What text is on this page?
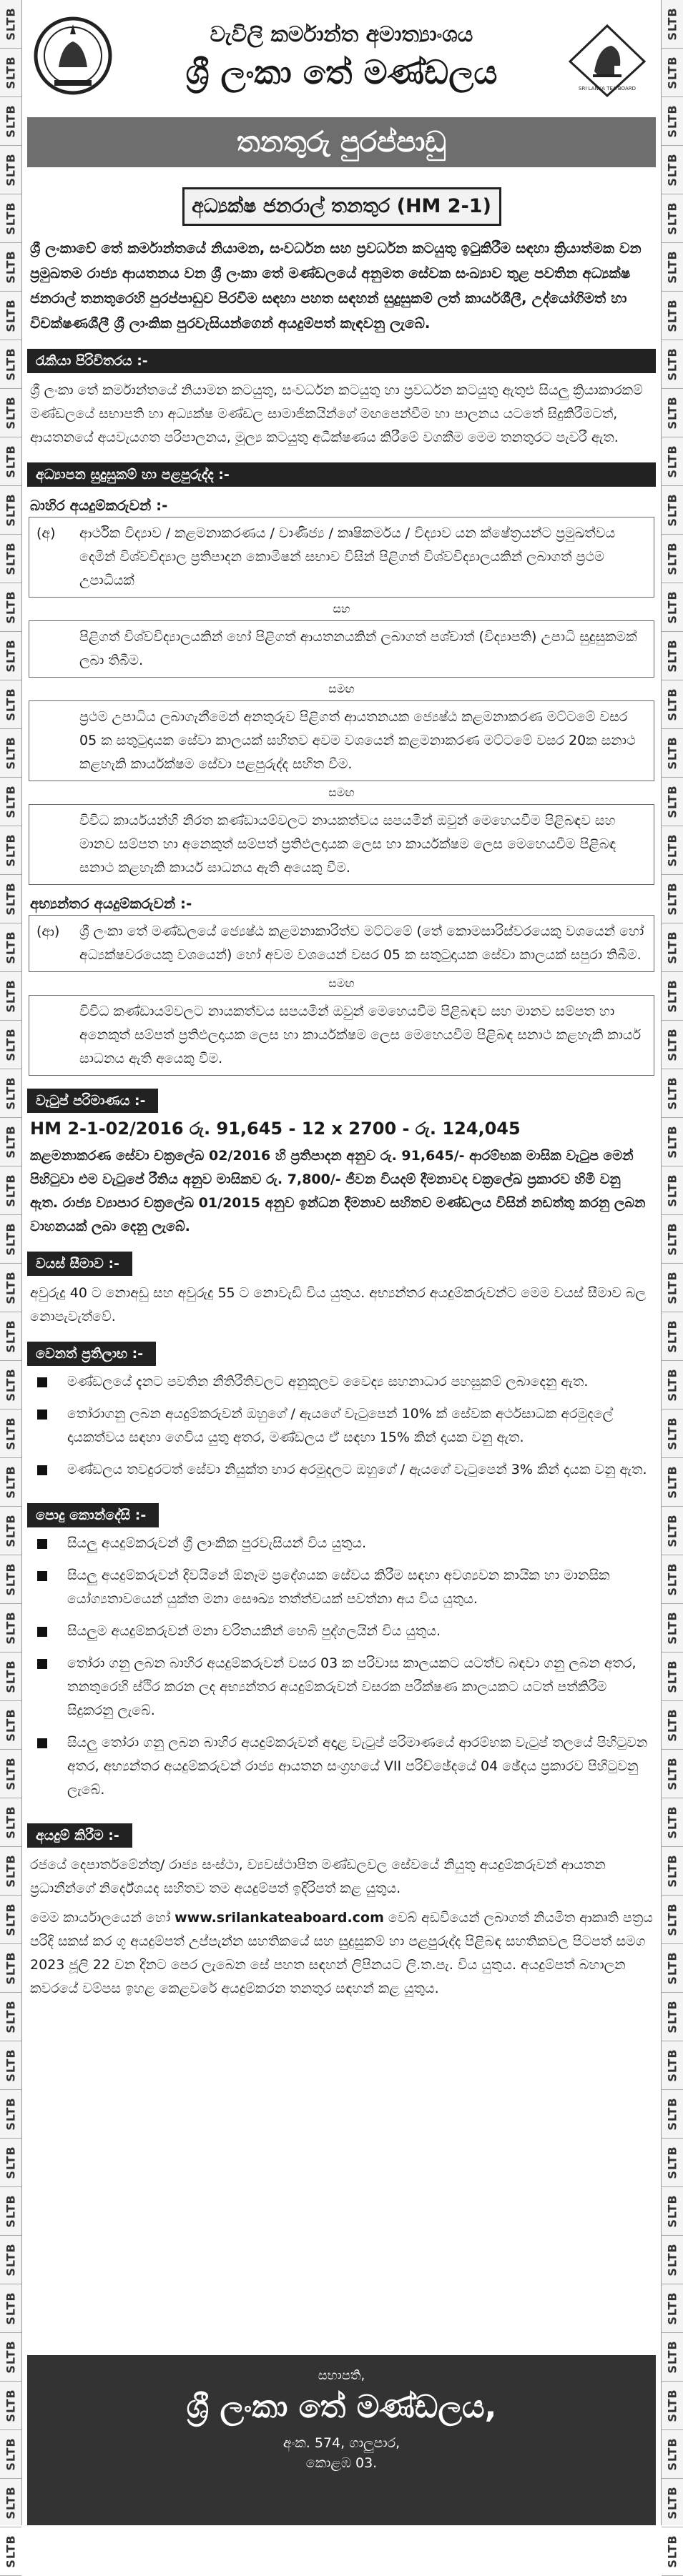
SLTB
SLTB
SLTB
SLTB
SLTB
SLTB
SLTB
SLTB
SLTB
SLTB
SLTB
SLTB
SLTB
SLTB
SLTB
SLTB
SLTB
SLTB
SLTB
SLTB
SLTB
SLTB
SLTB
SLTB
SLTB
SLTB
SLTB
SLTB
SLTB
SLTB
SLTB
SLTB
SLTB
SLTB
SLTB
SLTB
SLTB
SLTB
SLTB
SLTB
SLTB
SLTB
SLTB
SLTB
SLTB
SLTB
SLTB
SLTB
SLTB
SLTB
SLTB
SLTB
SLTB
SLTB
SLTB
SLTB
SLTB
SLTB
SLTB
SLTB
SLTB
SLTB
SLTB
SLTB
SLTB
SLTB
SLTB
SLTB
SLTB
SLTB
SLTB
SLTB
SLTB
SLTB
SLTB
SLTB
SLTB
SLTB
SLTB
SLTB
SLTB
SLTB
SLTB
SLTB
SLTB
SLTB
SLTB
SLTB
SLTB
SLTB
SLTB
SLTB
SLTB
SLTB
SLTB
SLTB
SLTB
SLTB
SLTB
SLTB
SLTB
SLTB
SLTB
SLTB
SLTB
SLTB
වැවිලි කර්මාන්ත අමාත්‍යාංශය
ශ්‍රී ලංකා තේ මණ්ඩලය	SRI LANKA TEA BOARD
තනතුරු පුරප්පාඩු
අධ්‍යක්ෂ ජනරාල් තනතුර (HM 2-1)
ශ්‍රී ලංකාවේ තේ කර්මාන්තයේ නියාමන, සංවර්ධන සහ ප්‍රවර්ධන කටයුතු ඉටුකිරීම සඳහා ක්‍රියාත්මක වන ප්‍රමුඛතම රාජ්‍ය ආයතනය වන ශ්‍රී ලංකා තේ මණ්ඩලයේ අනුමත සේවක සංඛ්‍යාව තුළ පවතින අධ්‍යක්ෂ ජනරාල් තනතුරෙහි පුරප්පාඩුව පිරවීම සඳහා පහත සඳහන් සුදුසුකම් ලත් කාර්යශීලී, උද්යෝගිමත් හා විචක්ෂණශීලී ශ්‍රී ලාංකික පුරවැසියන්ගෙන් අයදුම්පත් කැඳවනු ලැබේ.
රැකියා පිරිවිතරය :-

ශ්‍රී ලංකා තේ කර්මාන්තයේ නියාමන කටයුතු, සංවර්ධන කටයුතු හා ප්‍රවර්ධන කටයුතු ඇතුළු සියලු ක්‍රියාකාරකම් මණ්ඩලයේ සභාපති හා අධ්‍යක්ෂ මණ්ඩල සාමාජිකයින්ගේ මඟපෙන්වීම හා පාලනය යටතේ සිදුකිරීමටත්, ආයතනයේ අයවැයගත පරිපාලනය, මූල්‍ය කටයුතු අධීක්ෂණය කිරීමේ වගකීම මෙම තනතුරට පැවරී ඇත.

අධ්‍යාපන සුදුසුකම් හා පළපුරුද්ද :-
බාහිර අයදුම්කරුවන් :-
(අ)	ආර්ථික විද්‍යාව / කළමනාකරණය / වාණිජ්‍ය / කෘෂිකර්මය / විද්‍යාව යන ක්ෂේත්‍රයන්ට ප්‍රමුඛත්වය දෙමින් විශ්වවිද්‍යාල ප්‍රතිපාදන කොමිෂන් සභාව විසින් පිළිගත් විශ්වවිද්‍යාලයකින් ලබාගත් ප්‍රථම උපාධියක්
සහ
පිළිගත් විශ්වවිද්‍යාලයකින් හෝ පිළිගත් ආයතනයකින් ලබාගත් පශ්චාත් (විද්‍යාපති) උපාධි සුදුසුකමක් ලබා තිබීම.
සමඟ
ප්‍රථම උපාධිය ලබාගැනීමෙන් අනතුරුව පිළිගත් ආයතනයක ජ්‍යෙෂ්ඨ කළමනාකරණ මට්ටමේ වසර 05 ක සතුටුදායක සේවා කාලයක් සහිතව අවම වශයෙන් කළමනාකරණ මට්ටමේ වසර 20ක සනාථ කළහැකි කාර්යක්ෂම සේවා පළපුරුද්ද සහිත වීම.
සමඟ
විවිධ කාර්යයන්හි නිරත කණ්ඩායම්වලට නායකත්වය සපයමින් ඔවුන් මෙහෙයවීම පිළිබඳව සහ මානව සම්පත හා අනෙකුත් සම්පත් ප්‍රතිඵලදායක ලෙස හා කාර්යක්ෂම ලෙස මෙහෙයවීම පිළිබඳ සනාථ කළහැකි කාර්ය සාධනය ඇති අයෙකු වීම.
අභ්‍යන්තර අයදුම්කරුවන් :-
(ආ)	ශ්‍රී ලංකා තේ මණ්ඩලයේ ජ්‍යෙෂ්ඨ කළමනාකාරිත්ව මට්ටමේ (තේ කොමසාරිස්වරයෙකු වශයෙන් හෝ අධ්‍යක්ෂවරයෙකු වශයෙන්) හෝ අවම වශයෙන් වසර 05 ක සතුටුදායක සේවා කාලයක් සපුරා තිබීම.
සමඟ
විවිධ කණ්ඩායම්වලට නායකත්වය සපයමින් ඔවුන් මෙහෙයවීම පිළිබඳව සහ මානව සම්පත හා අනෙකුත් සම්පත් ප්‍රතිඵලදායක ලෙස හා කාර්යක්ෂම ලෙස මෙහෙයවීම පිළිබඳ සනාථ කළහැකි කාර්ය සාධනය ඇති අයෙකු වීම.
වැටුප් පරිමාණය :-
HM 2-1-02/2016 රු. 91,645 - 12 x 2700 - රු. 124,045

කළමනාකරණ සේවා චක්‍රලේඛ 02/2016 හි ප්‍රතිපාදන අනුව රු. 91,645/- ආරම්භක මාසික වැටුප මෙන් පිහිටුවා එම වැටුපේ රීතිය අනුව මාසිකව රු. 7,800/- ජීවන වියදම් දීමනාවද චක්‍රලේඛ ප්‍රකාරව හිමි වනු ඇත. රාජ්‍ය ව්‍යාපාර චක්‍රලේඛ 01/2015 අනුව ඉන්ධන දීමනාව සහිතව මණ්ඩලය විසින් නඩත්තු කරනු ලබන වාහනයක් ලබා දෙනු ලැබේ.

වයස් සීමාව :-

අවුරුදු 40 ට නොඅඩු සහ අවුරුදු 55 ට නොවැඩි විය යුතුය. අභ්‍යන්තර අයදුම්කරුවන්ට මෙම වයස් සීමාව බල නොපැවැත්වේ.

වෙනත් ප්‍රතිලාභ :-
මණ්ඩලයේ දැනට පවතින නීතිරීතිවලට අනුකූලව වෛද්‍ය සහනාධාර පහසුකම් ලබාදෙනු ඇත.
තෝරාගනු ලබන අයදුම්කරුවන් ඔහුගේ / ඇයගේ වැටුපෙන් 10% ක් සේවක අර්ථසාධක අරමුදලේ දායකත්වය සඳහා ගෙවිය යුතු අතර, මණ්ඩලය ඒ සඳහා 15% කින් දායක වනු ඇත.
මණ්ඩලය තවදුරටත් සේවා නියුක්ත භාර අරමුදලට ඔහුගේ / ඇයගේ වැටුපෙන් 3% කින් දායක වනු ඇත.
පොදු කොන්දේසි :-
සියලු අයදුම්කරුවන් ශ්‍රී ලාංකික පුරවැසියන් විය යුතුය.
සියලු අයදුම්කරුවන් දිවයිනේ ඕනෑම ප්‍රදේශයක සේවය කිරීම සඳහා අවශ්‍යවන කායික හා මානසික යෝග්‍යතාවයෙන් යුක්ත මනා සෞඛ්‍ය තත්ත්වයක් පවත්නා අය විය යුතුය.
සියලුම අයදුම්කරුවන් මනා චරිතයකින් හෙබි පුද්ගලයින් විය යුතුය.
තෝරා ගනු ලබන බාහිර අයදුම්කරුවන් වසර 03 ක පරිවාස කාලයකට යටත්ව බඳවා ගනු ලබන අතර, තනතුරෙහි ස්ථිර කරන ලද අභ්‍යන්තර අයදුම්කරුවන් වසරක පරීක්ෂණ කාලයකට යටත් පත්කිරීම සිදුකරනු ලැබේ.
සියලු තෝරා ගනු ලබන බාහිර අයදුම්කරුවන් අදාළ වැටුප් පරිමාණයේ ආරම්භක වැටුප් තලයේ පිහිටුවන අතර, අභ්‍යන්තර අයදුම්කරුවන් රාජ්‍ය ආයතන සංග්‍රහයේ VII පරිච්ඡේදයේ 04 ඡේදය ප්‍රකාරව පිහිටුවනු ලැබේ.
අයදුම් කිරීම :-

රජයේ දෙපාර්තමේන්තු/ රාජ්‍ය සංස්ථා, ව්‍යවස්ථාපිත මණ්ඩලවල සේවයේ නියුතු අයදුම්කරුවන් ආයතන ප්‍රධානීන්ගේ නිර්දේශයද සහිතව තම අයදුම්පත් ඉදිරිපත් කළ යුතුය.

මෙම කාර්යාලයෙන් හෝ www.srilankateaboard.com වෙබ් අඩවියෙන් ලබාගත් නියමිත ආකෘති පත්‍රය පරිදි සකස් කර ගූ අයදුම්පත් උප්පැන්න සහතිකයේ සහ සුදුසුකම් හා පළපුරුද්ද පිළිබඳ සහතිකවල පිටපත් සමග 2023 ජූලි 22 වන දිනට පෙර ලැබෙන සේ පහත සඳහන් ලිපිනයට ලි.ත.පැ. විය යුතුය. අයදුම්පත් බහාලන කවරයේ වම්පස ඉහළ කෙළවරේ අයදුම්කරන තනතුර සඳහන් කළ යුතුය.

සභාපති,
ශ්‍රී ලංකා තේ මණ්ඩලය,
අංක. 574, ගාලුපාර,
කොළඹ 03.
